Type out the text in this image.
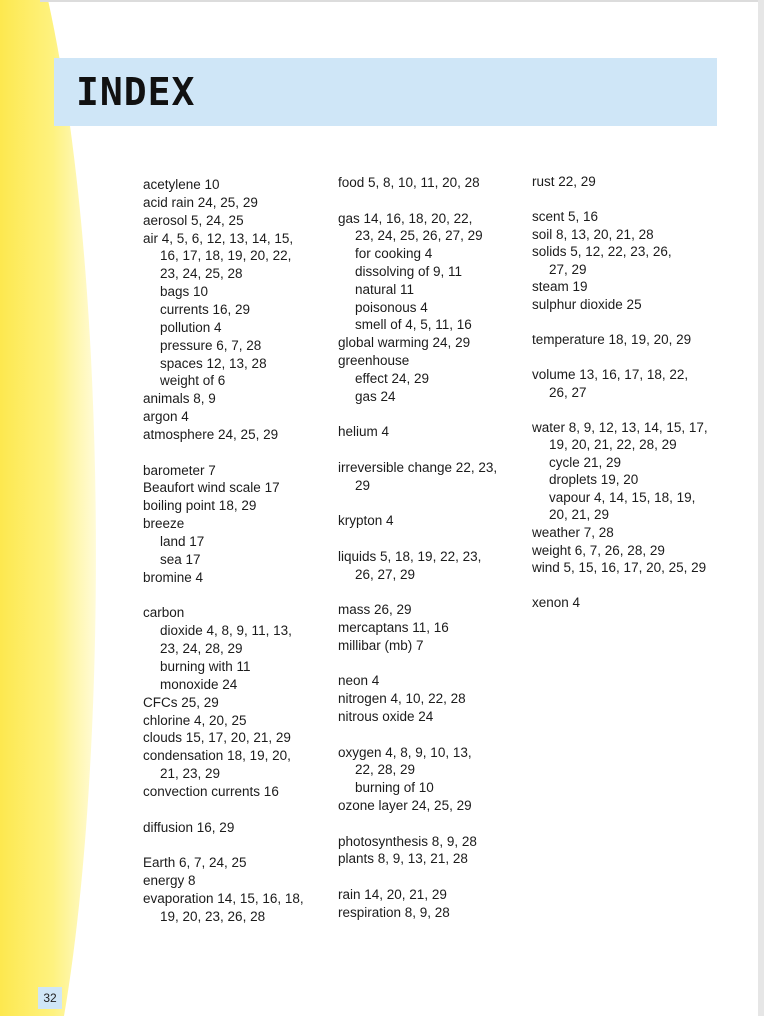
INDEX
acetylene 10
acid rain 24, 25, 29
aerosol 5, 24, 25
air 4, 5, 6, 12, 13, 14, 15,
16, 17, 18, 19, 20, 22,
23, 24, 25, 28
bags 10
currents 16, 29
pollution 4
pressure 6, 7, 28
spaces 12, 13, 28
weight of 6
animals 8, 9
argon 4
atmosphere 24, 25, 29
barometer 7
Beaufort wind scale 17
boiling point 18, 29
breeze
land 17
sea 17
bromine 4
carbon
dioxide 4, 8, 9, 11, 13,
23, 24, 28, 29
burning with 11
monoxide 24
CFCs 25, 29
chlorine 4, 20, 25
clouds 15, 17, 20, 21, 29
condensation 18, 19, 20,
21, 23, 29
convection currents 16
diffusion 16, 29
Earth 6, 7, 24, 25
energy 8
evaporation 14, 15, 16, 18,
19, 20, 23, 26, 28
food 5, 8, 10, 11, 20, 28
gas 14, 16, 18, 20, 22,
23, 24, 25, 26, 27, 29
for cooking 4
dissolving of 9, 11
natural 11
poisonous 4
smell of 4, 5, 11, 16
global warming 24, 29
greenhouse
effect 24, 29
gas 24
helium 4
irreversible change 22, 23,
29
krypton 4
liquids 5, 18, 19, 22, 23,
26, 27, 29
mass 26, 29
mercaptans 11, 16
millibar (mb) 7
neon 4
nitrogen 4, 10, 22, 28
nitrous oxide 24
oxygen 4, 8, 9, 10, 13,
22, 28, 29
burning of 10
ozone layer 24, 25, 29
photosynthesis 8, 9, 28
plants 8, 9, 13, 21, 28
rain 14, 20, 21, 29
respiration 8, 9, 28
rust 22, 29
scent 5, 16
soil 8, 13, 20, 21, 28
solids 5, 12, 22, 23, 26,
27, 29
steam 19
sulphur dioxide 25
temperature 18, 19, 20, 29
volume 13, 16, 17, 18, 22,
26, 27
water 8, 9, 12, 13, 14, 15, 17,
19, 20, 21, 22, 28, 29
cycle 21, 29
droplets 19, 20
vapour 4, 14, 15, 18, 19,
20, 21, 29
weather 7, 28
weight 6, 7, 26, 28, 29
wind 5, 15, 16, 17, 20, 25, 29
xenon 4
32
